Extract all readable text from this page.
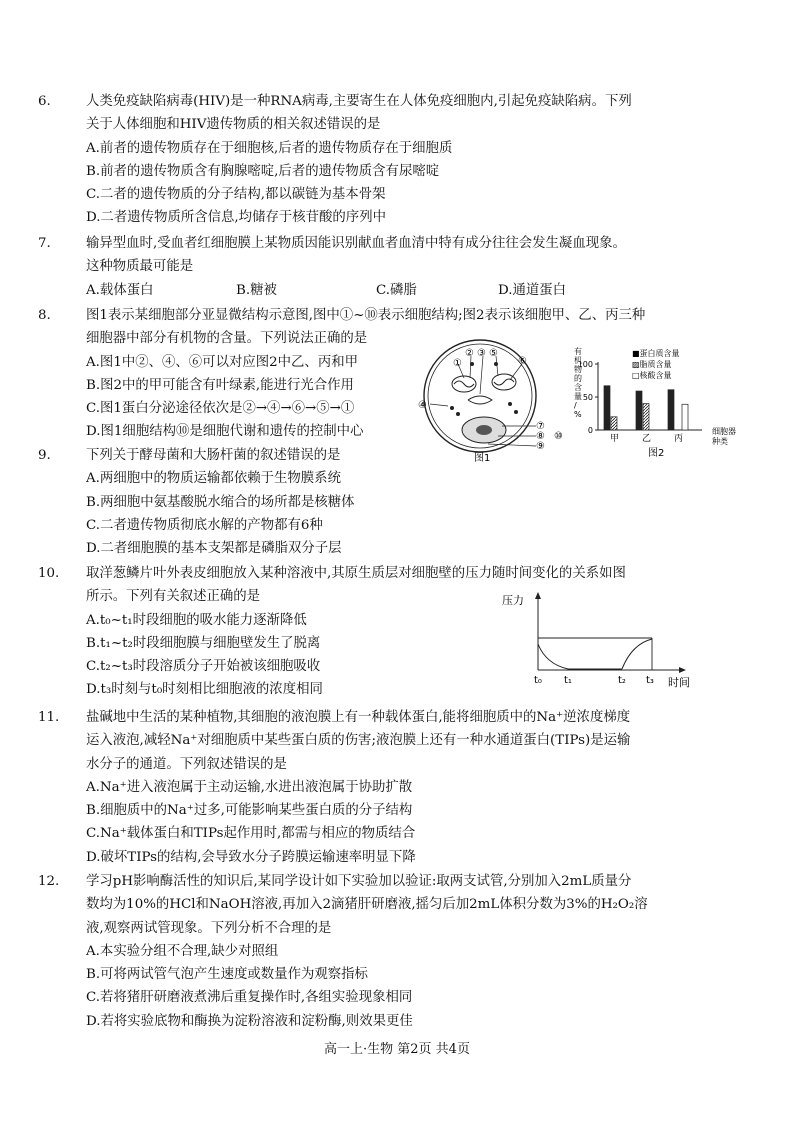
6.	人类免疫缺陷病毒(HIV)是一种RNA病毒,主要寄生在人体免疫细胞内,引起免疫缺陷病。下列
关于人体细胞和HIV遗传物质的相关叙述错误的是
A.前者的遗传物质存在于细胞核,后者的遗传物质存在于细胞质
B.前者的遗传物质含有胸腺嘧啶,后者的遗传物质含有尿嘧啶
C.二者的遗传物质的分子结构,都以碳链为基本骨架
D.二者遗传物质所含信息,均储存于核苷酸的序列中
7.	输异型血时,受血者红细胞膜上某物质因能识别献血者血清中特有成分往往会发生凝血现象。
这种物质最可能是
A.载体蛋白	B.糖被	C.磷脂	D.通道蛋白
8.	图1表示某细胞部分亚显微结构示意图,图中①~⑩表示细胞结构;图2表示该细胞甲、乙、丙三种
细胞器中部分有机物的含量。下列说法正确的是
A.图1中②、④、⑥可以对应图2中乙、丙和甲
B.图2中的甲可能含有叶绿素,能进行光合作用
C.图1蛋白分泌途径依次是②→④→⑥→⑤→①
D.图1细胞结构⑩是细胞代谢和遗传的控制中心
①
② ③ ⑤
⑥
④
⑦
⑧
⑨
⑩
图1
0
50
100
甲	乙	丙
■蛋白质含量
▨脂质含量
□核酸含量
图2
有
机
物
的
含
量
/
%
细胞器
种类
9.	下列关于酵母菌和大肠杆菌的叙述错误的是
A.两细胞中的物质运输都依赖于生物膜系统
B.两细胞中氨基酸脱水缩合的场所都是核糖体
C.二者遗传物质彻底水解的产物都有6种
D.二者细胞膜的基本支架都是磷脂双分子层
10.	取洋葱鳞片叶外表皮细胞放入某种溶液中,其原生质层对细胞壁的压力随时间变化的关系如图
所示。下列有关叙述正确的是
A.t₀~t₁时段细胞的吸水能力逐渐降低
B.t₁~t₂时段细胞膜与细胞壁发生了脱离
C.t₂~t₃时段溶质分子开始被该细胞吸收
D.t₃时刻与t₀时刻相比细胞液的浓度相同
压力
t₀ t₁	t₂ t₃ 时间
11.	盐碱地中生活的某种植物,其细胞的液泡膜上有一种载体蛋白,能将细胞质中的Na⁺逆浓度梯度
运入液泡,减轻Na⁺对细胞质中某些蛋白质的伤害;液泡膜上还有一种水通道蛋白(TIPs)是运输
水分子的通道。下列叙述错误的是
A.Na⁺进入液泡属于主动运输,水进出液泡属于协助扩散
B.细胞质中的Na⁺过多,可能影响某些蛋白质的分子结构
C.Na⁺载体蛋白和TIPs起作用时,都需与相应的物质结合
D.破坏TIPs的结构,会导致水分子跨膜运输速率明显下降
12.	学习pH影响酶活性的知识后,某同学设计如下实验加以验证:取两支试管,分别加入2mL质量分
数均为10%的HCl和NaOH溶液,再加入2滴猪肝研磨液,摇匀后加2mL体积分数为3%的H₂O₂溶
液,观察两试管现象。下列分析不合理的是
A.本实验分组不合理,缺少对照组
B.可将两试管气泡产生速度或数量作为观察指标
C.若将猪肝研磨液煮沸后重复操作时,各组实验现象相同
D.若将实验底物和酶换为淀粉溶液和淀粉酶,则效果更佳
高一上·生物 第2页 共4页
